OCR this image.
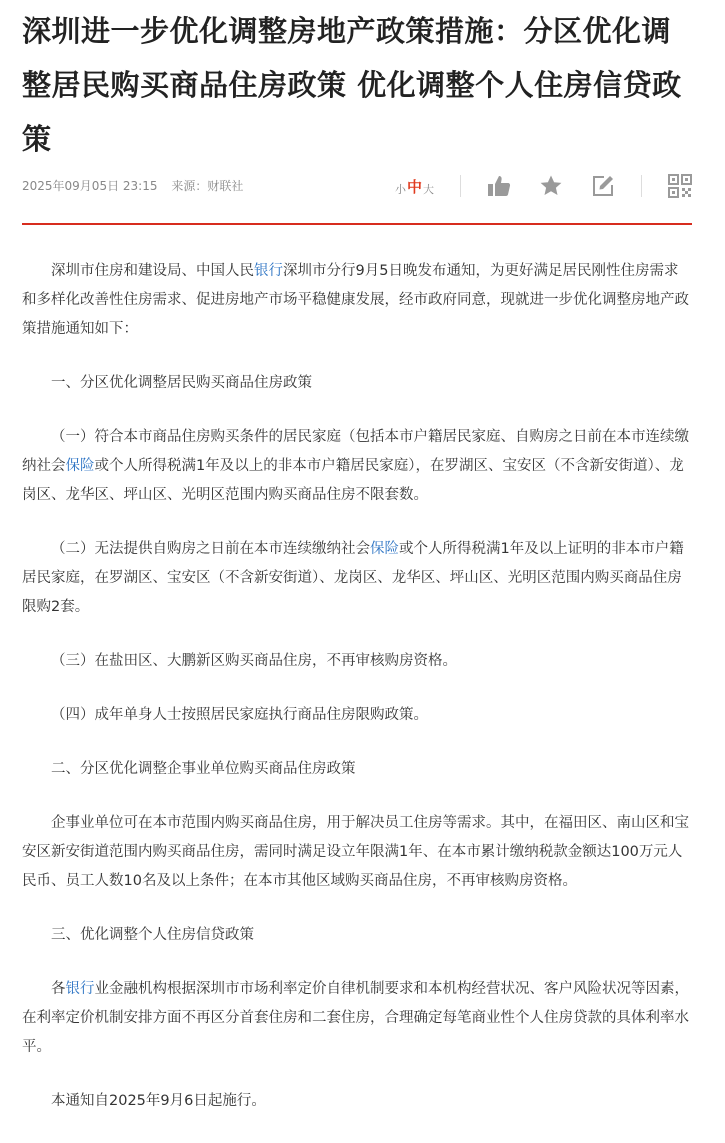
深圳进一步优化调整房地产政策措施：分区优化调整居民购买商品住房政策 优化调整个人住房信贷政策
2025年09月05日 23:15 来源：财联社	小 中 大

深圳市住房和建设局、中国人民银行深圳市分行9月5日晚发布通知，为更好满足居民刚性住房需求和多样化改善性住房需求、促进房地产市场平稳健康发展，经市政府同意，现就进一步优化调整房地产政策措施通知如下：

一、分区优化调整居民购买商品住房政策

（一）符合本市商品住房购买条件的居民家庭（包括本市户籍居民家庭、自购房之日前在本市连续缴纳社会保险或个人所得税满1年及以上的非本市户籍居民家庭），在罗湖区、宝安区（不含新安街道）、龙岗区、龙华区、坪山区、光明区范围内购买商品住房不限套数。

（二）无法提供自购房之日前在本市连续缴纳社会保险或个人所得税满1年及以上证明的非本市户籍居民家庭，在罗湖区、宝安区（不含新安街道）、龙岗区、龙华区、坪山区、光明区范围内购买商品住房限购2套。

（三）在盐田区、大鹏新区购买商品住房，不再审核购房资格。

（四）成年单身人士按照居民家庭执行商品住房限购政策。

二、分区优化调整企事业单位购买商品住房政策

企事业单位可在本市范围内购买商品住房，用于解决员工住房等需求。其中，在福田区、南山区和宝安区新安街道范围内购买商品住房，需同时满足设立年限满1年、在本市累计缴纳税款金额达100万元人民币、员工人数10名及以上条件；在本市其他区域购买商品住房，不再审核购房资格。

三、优化调整个人住房信贷政策

各银行业金融机构根据深圳市市场利率定价自律机制要求和本机构经营状况、客户风险状况等因素，在利率定价机制安排方面不再区分首套住房和二套住房，合理确定每笔商业性个人住房贷款的具体利率水平。

本通知自2025年9月6日起施行。
